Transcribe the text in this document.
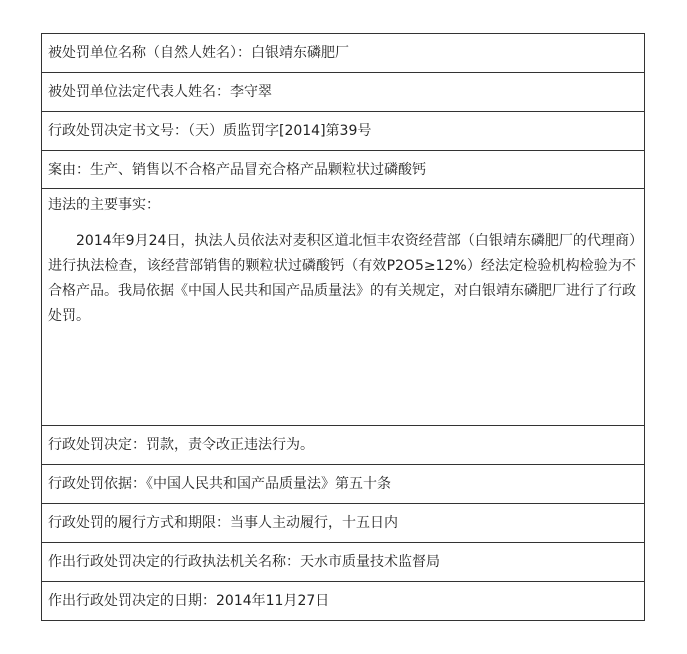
被处罚单位名称（自然人姓名）：白银靖东磷肥厂
被处罚单位法定代表人姓名：李守翠
行政处罚决定书文号：（天）质监罚字[2014]第39号
案由：生产、销售以不合格产品冒充合格产品颗粒状过磷酸钙

违法的主要事实：
2014年9月24日，执法人员依法对麦积区道北恒丰农资经营部（白银靖东磷肥厂的代理商）进行执法检查，该经营部销售的颗粒状过磷酸钙（有效P2O5≥12%）经法定检验机构检验为不合格产品。我局依据《中国人民共和国产品质量法》的有关规定，对白银靖东磷肥厂进行了行政处罚。

行政处罚决定：罚款，责令改正违法行为。
行政处罚依据：《中国人民共和国产品质量法》第五十条
行政处罚的履行方式和期限：当事人主动履行，十五日内
作出行政处罚决定的行政执法机关名称：天水市质量技术监督局
作出行政处罚决定的日期：2014年11月27日
